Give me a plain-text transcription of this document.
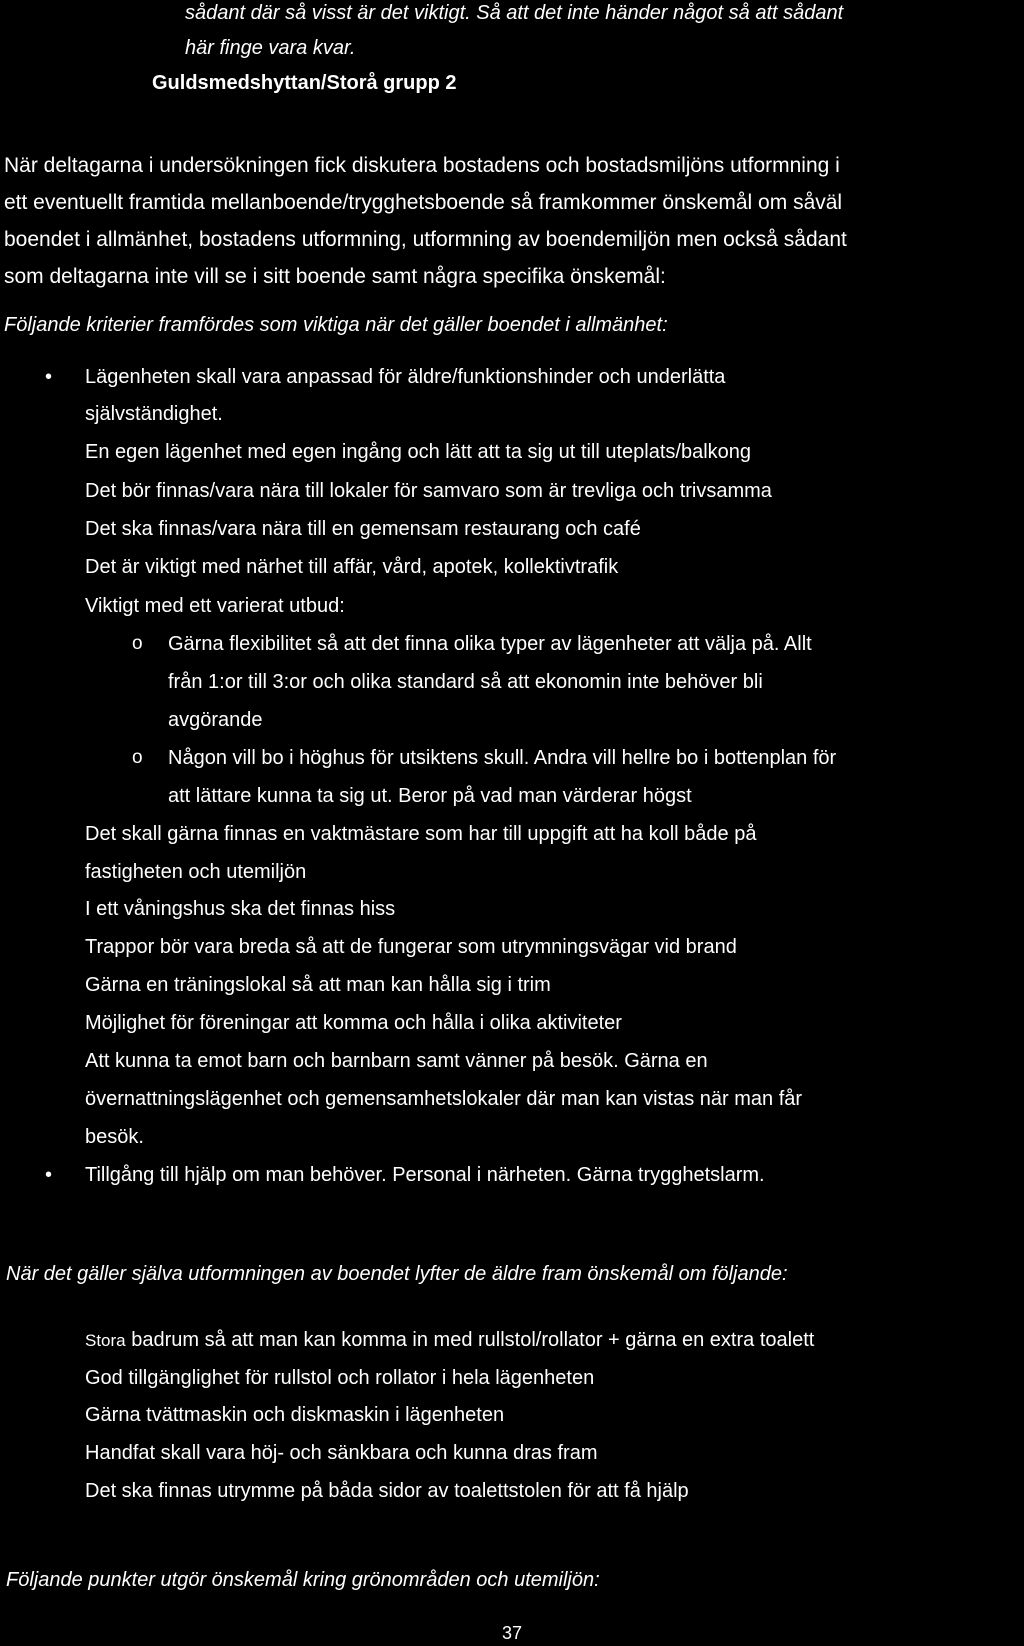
sådant där så visst är det viktigt. Så att det inte händer något så att sådant
här finge vara kvar.
Guldsmedshyttan/Storå grupp 2
När deltagarna i undersökningen fick diskutera bostadens och bostadsmiljöns utformning i
ett eventuellt framtida mellanboende/trygghetsboende så framkommer önskemål om såväl
boendet i allmänhet, bostadens utformning, utformning av boendemiljön men också sådant
som deltagarna inte vill se i sitt boende samt några specifika önskemål:
Följande kriterier framfördes som viktiga när det gäller boendet i allmänhet:
• Lägenheten skall vara anpassad för äldre/funktionshinder och underlätta
självständighet.
En egen lägenhet med egen ingång och lätt att ta sig ut till uteplats/balkong
Det bör finnas/vara nära till lokaler för samvaro som är trevliga och trivsamma
Det ska finnas/vara nära till en gemensam restaurang och café
Det är viktigt med närhet till affär, vård, apotek, kollektivtrafik
Viktigt med ett varierat utbud:
o Gärna flexibilitet så att det finna olika typer av lägenheter att välja på. Allt
från 1:or till 3:or och olika standard så att ekonomin inte behöver bli
avgörande
o Någon vill bo i höghus för utsiktens skull. Andra vill hellre bo i bottenplan för
att lättare kunna ta sig ut. Beror på vad man värderar högst
Det skall gärna finnas en vaktmästare som har till uppgift att ha koll både på
fastigheten och utemiljön
I ett våningshus ska det finnas hiss
Trappor bör vara breda så att de fungerar som utrymningsvägar vid brand
Gärna en träningslokal så att man kan hålla sig i trim
Möjlighet för föreningar att komma och hålla i olika aktiviteter
Att kunna ta emot barn och barnbarn samt vänner på besök. Gärna en
övernattningslägenhet och gemensamhetslokaler där man kan vistas när man får
besök.
• Tillgång till hjälp om man behöver. Personal i närheten. Gärna trygghetslarm.
När det gäller själva utformningen av boendet lyfter de äldre fram önskemål om följande:
Stora badrum så att man kan komma in med rullstol/rollator + gärna en extra toalett
God tillgänglighet för rullstol och rollator i hela lägenheten
Gärna tvättmaskin och diskmaskin i lägenheten
Handfat skall vara höj- och sänkbara och kunna dras fram
Det ska finnas utrymme på båda sidor av toalettstolen för att få hjälp
Följande punkter utgör önskemål kring grönområden och utemiljön:
37
